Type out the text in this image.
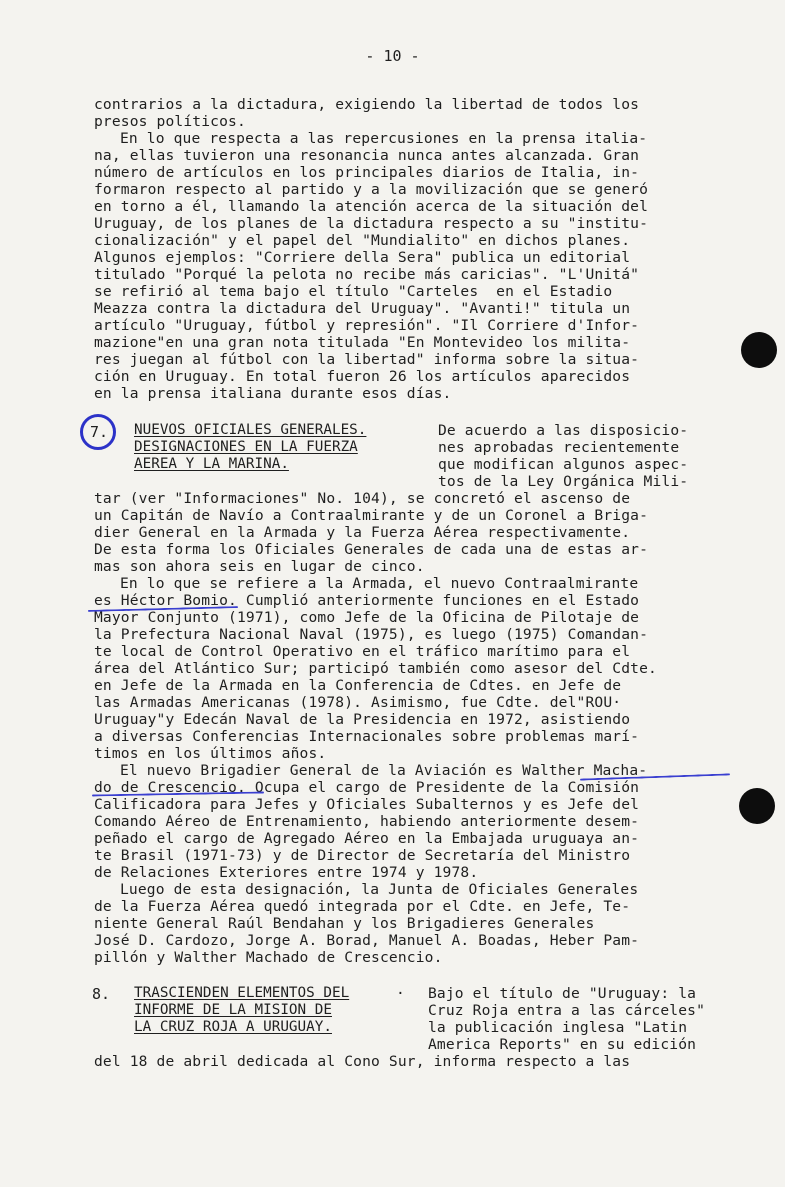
- 10 -
contrarios a la dictadura, exigiendo la libertad de todos los
presos políticos.
En lo que respecta a las repercusiones en la prensa italia-
na, ellas tuvieron una resonancia nunca antes alcanzada. Gran
número de artículos en los principales diarios de Italia, in-
formaron respecto al partido y a la movilización que se generó
en torno a él, llamando la atención acerca de la situación del
Uruguay, de los planes de la dictadura respecto a su "institu-
cionalización" y el papel del "Mundialito" en dichos planes.
Algunos ejemplos: "Corriere della Sera" publica un editorial
titulado "Porqué la pelota no recibe más caricias". "L'Unitá"
se refirió al tema bajo el título "Carteles  en el Estadio
Meazza contra la dictadura del Uruguay". "Avanti!" titula un
artículo "Uruguay, fútbol y represión". "Il Corriere d'Infor-
mazione"en una gran nota titulada "En Montevideo los milita-
res juegan al fútbol con la libertad" informa sobre la situa-
ción en Uruguay. En total fueron 26 los artículos aparecidos
en la prensa italiana durante esos días.
7. NUEVOS OFICIALES GENERALES.
DESIGNACIONES EN LA FUERZA
AEREA Y LA MARINA.
De acuerdo a las disposicio-
nes aprobadas recientemente
que modifican algunos aspec-
tos de la Ley Orgánica Mili-
tar (ver "Informaciones" No. 104), se concretó el ascenso de
un Capitán de Navío a Contraalmirante y de un Coronel a Briga-
dier General en la Armada y la Fuerza Aérea respectivamente.
De esta forma los Oficiales Generales de cada una de estas ar-
mas son ahora seis en lugar de cinco.
En lo que se refiere a la Armada, el nuevo Contraalmirante
es Héctor Bomio. Cumplió anteriormente funciones en el Estado
Mayor Conjunto (1971), como Jefe de la Oficina de Pilotaje de
la Prefectura Nacional Naval (1975), es luego (1975) Comandan-
te local de Control Operativo en el tráfico marítimo para el
área del Atlántico Sur; participó también como asesor del Cdte.
en Jefe de la Armada en la Conferencia de Cdtes. en Jefe de
las Armadas Americanas (1978). Asimismo, fue Cdte. del"ROU·
Uruguay"y Edecán Naval de la Presidencia en 1972, asistiendo
a diversas Conferencias Internacionales sobre problemas marí-
timos en los últimos años.
El nuevo Brigadier General de la Aviación es Walther Macha-
do de Crescencio. Ocupa el cargo de Presidente de la Comisión
Calificadora para Jefes y Oficiales Subalternos y es Jefe del
Comando Aéreo de Entrenamiento, habiendo anteriormente desem-
peñado el cargo de Agregado Aéreo en la Embajada uruguaya an-
te Brasil (1971-73) y de Director de Secretaría del Ministro
de Relaciones Exteriores entre 1974 y 1978.
Luego de esta designación, la Junta de Oficiales Generales
de la Fuerza Aérea quedó integrada por el Cdte. en Jefe, Te-
niente General Raúl Bendahan y los Brigadieres Generales
José D. Cardozo, Jorge A. Borad, Manuel A. Boadas, Heber Pam-
pillón y Walther Machado de Crescencio.
8. TRASCIENDEN ELEMENTOS DEL	·
INFORME DE LA MISION DE
LA CRUZ ROJA A URUGUAY.
Bajo el título de "Uruguay: la
Cruz Roja entra a las cárceles"
la publicación inglesa "Latin
America Reports" en su edición
del 18 de abril dedicada al Cono Sur, informa respecto a las
